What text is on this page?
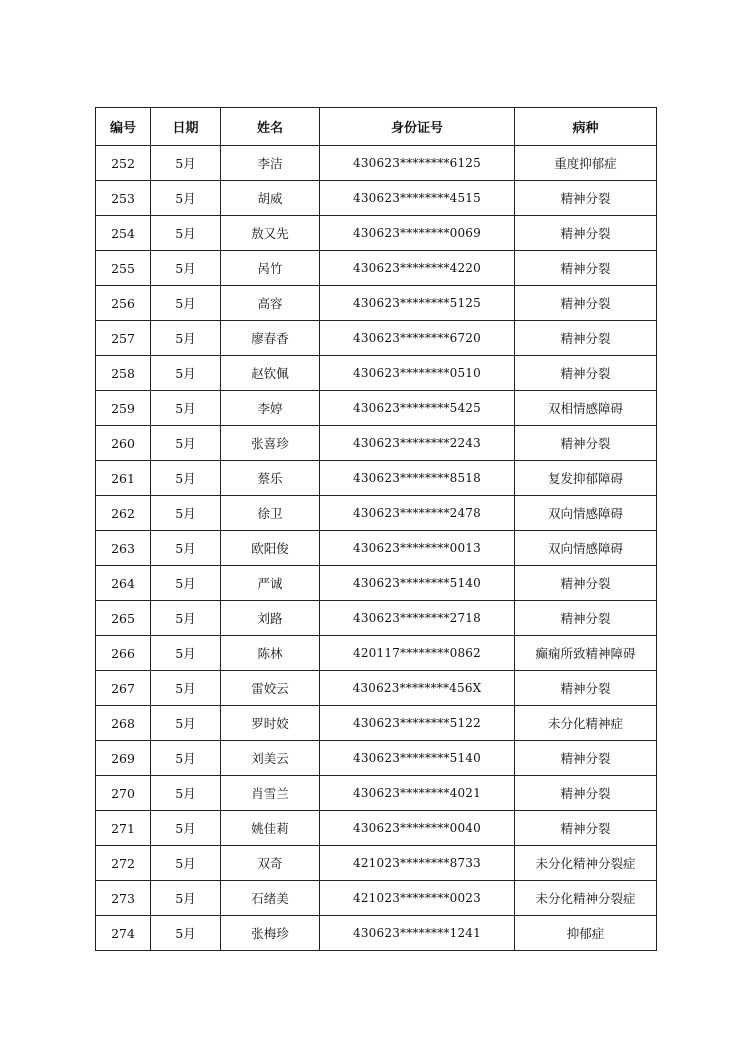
编号	日期	姓名	身份证号	病种
252	5月	李洁	430623********6125	重度抑郁症
253	5月	胡威	430623********4515	精神分裂
254	5月	敖又先	430623********0069	精神分裂
255	5月	呙竹	430623********4220	精神分裂
256	5月	高容	430623********5125	精神分裂
257	5月	廖春香	430623********6720	精神分裂
258	5月	赵钦佩	430623********0510	精神分裂
259	5月	李婷	430623********5425	双相情感障碍
260	5月	张喜珍	430623********2243	精神分裂
261	5月	蔡乐	430623********8518	复发抑郁障碍
262	5月	徐卫	430623********2478	双向情感障碍
263	5月	欧阳俊	430623********0013	双向情感障碍
264	5月	严诚	430623********5140	精神分裂
265	5月	刘路	430623********2718	精神分裂
266	5月	陈林	420117********0862	癫痫所致精神障碍
267	5月	雷姣云	430623********456X	精神分裂
268	5月	罗时姣	430623********5122	未分化精神症
269	5月	刘美云	430623********5140	精神分裂
270	5月	肖雪兰	430623********4021	精神分裂
271	5月	姚佳莉	430623********0040	精神分裂
272	5月	双奇	421023********8733	未分化精神分裂症
273	5月	石绪美	421023********0023	未分化精神分裂症
274	5月	张梅珍	430623********1241	抑郁症
